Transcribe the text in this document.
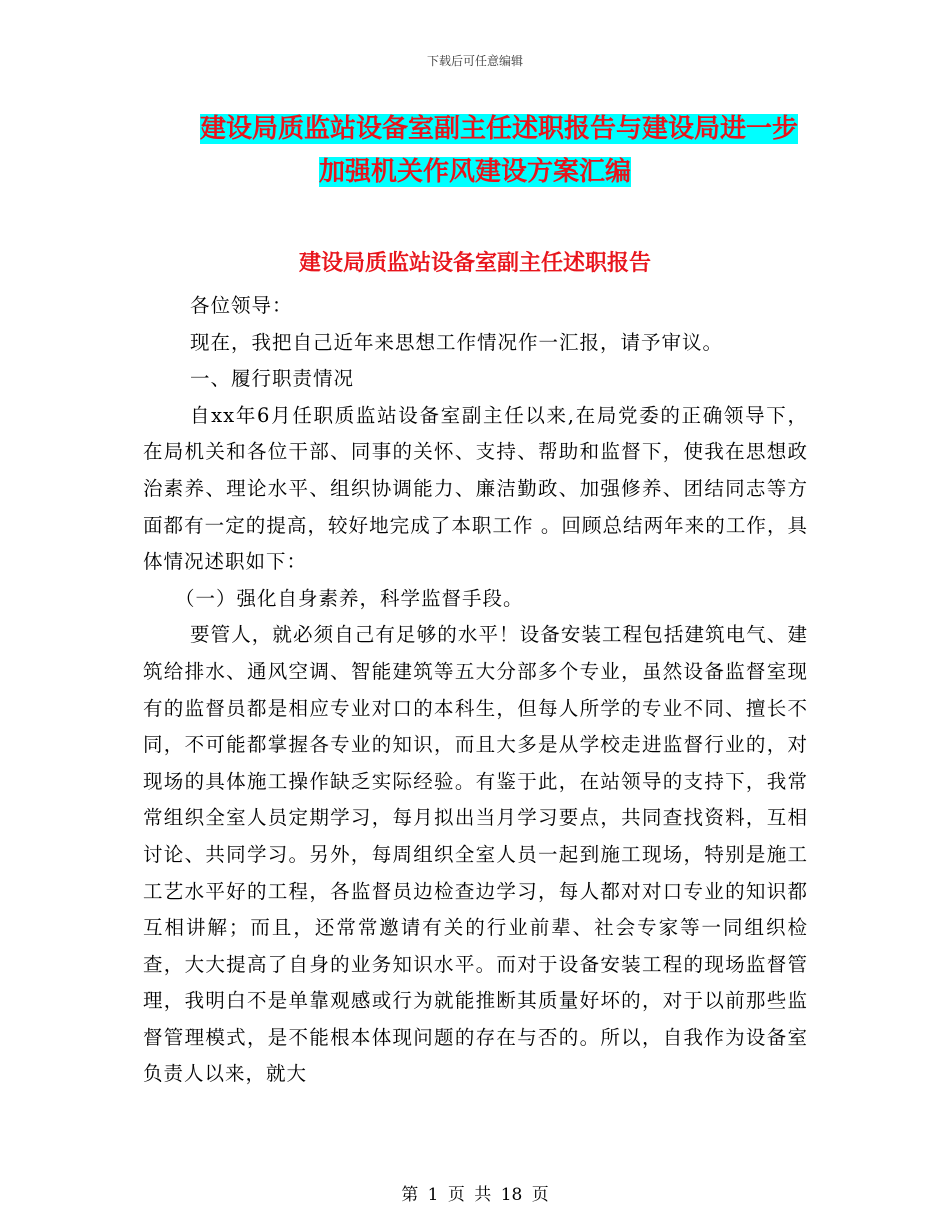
下载后可任意编辑
建设局质监站设备室副主任述职报告与建设局进一步
加强机关作风建设方案汇编
建设局质监站设备室副主任述职报告

各位领导：

现在，我把自己近年来思想工作情况作一汇报，请予审议。

一、履行职责情况

自xx年6月任职质监站设备室副主任以来,在局党委的正确领导下，在局机关和各位干部、同事的关怀、支持、帮助和监督下，使我在思想政治素养、理论水平、组织协调能力、廉洁勤政、加强修养、团结同志等方面都有一定的提高，较好地完成了本职工作 。回顾总结两年来的工作，具体情况述职如下：

（一）强化自身素养，科学监督手段。

要管人，就必须自己有足够的水平！设备安装工程包括建筑电气、建筑给排水、通风空调、智能建筑等五大分部多个专业，虽然设备监督室现有的监督员都是相应专业对口的本科生，但每人所学的专业不同、擅长不同，不可能都掌握各专业的知识，而且大多是从学校走进监督行业的，对现场的具体施工操作缺乏实际经验。有鉴于此，在站领导的支持下，我常常组织全室人员定期学习，每月拟出当月学习要点，共同查找资料，互相讨论、共同学习。另外，每周组织全室人员一起到施工现场，特别是施工工艺水平好的工程，各监督员边检查边学习，每人都对对口专业的知识都互相讲解；而且，还常常邀请有关的行业前辈、社会专家等一同组织检查，大大提高了自身的业务知识水平。而对于设备安装工程的现场监督管理，我明白不是单靠观感或行为就能推断其质量好坏的，对于以前那些监督管理模式，是不能根本体现问题的存在与否的。所以，自我作为设备室负责人以来，就大

第 1 页 共 18 页
